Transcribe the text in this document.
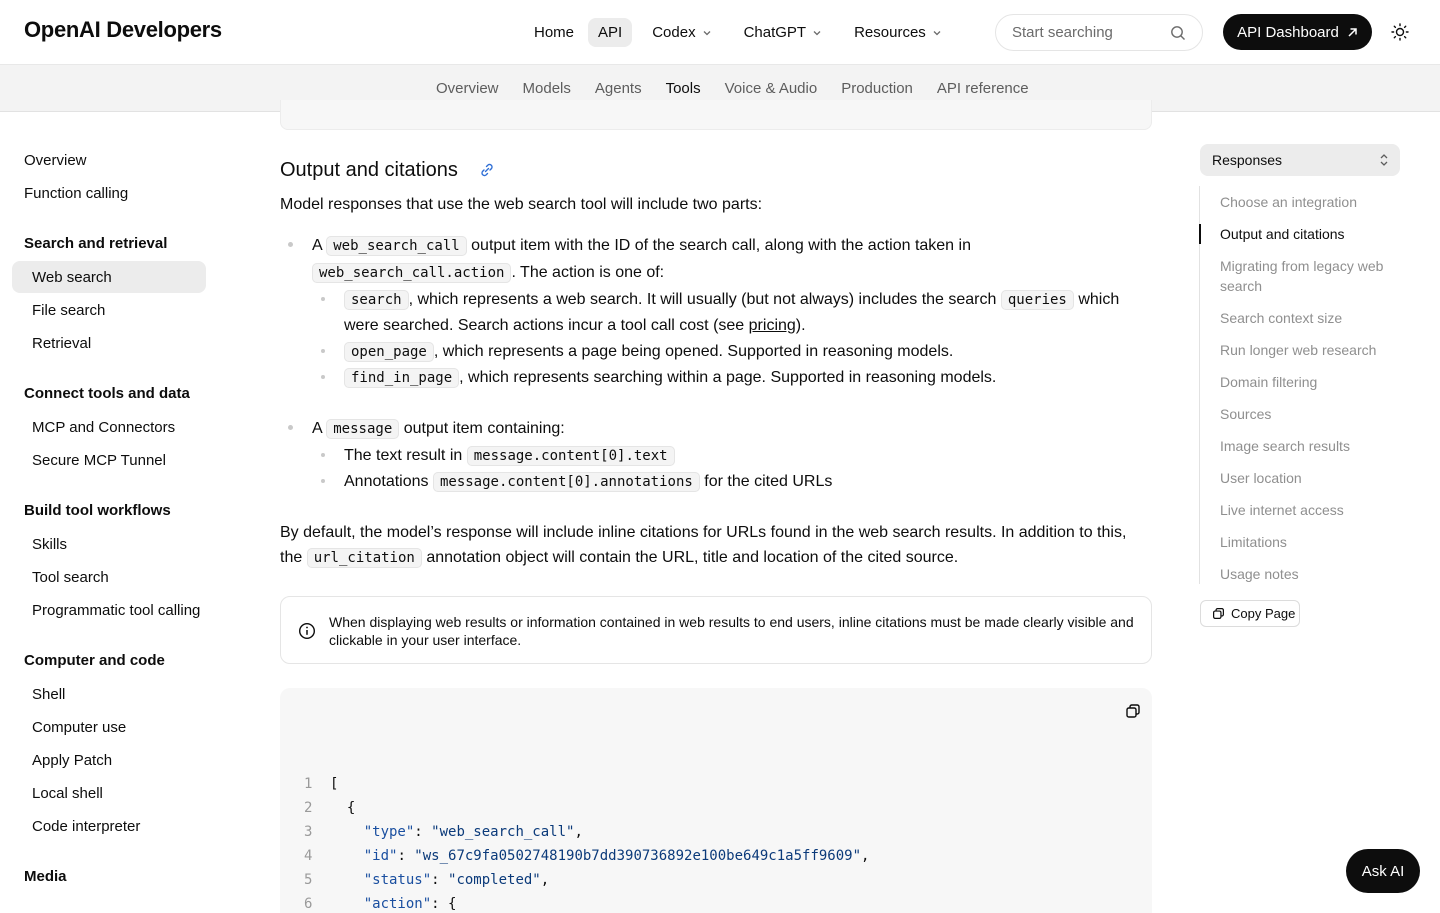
OpenAI Developers	Home API Codex	ChatGPT	Resources
Start searching	API Dashboard
Overview	Models	Agents	Tools	Voice & Audio	Production	API reference
Overview
Function calling
Search and retrieval
Web search
File search
Retrieval
Connect tools and data
MCP and Connectors
Secure MCP Tunnel
Build tool workflows
Skills
Tool search
Programmatic tool calling
Computer and code
Shell
Computer use
Apply Patch
Local shell
Code interpreter
Media
Output and citations

Model responses that use the web search tool will include two parts:

A web_search_call output item with the ID of the search call, along with the action taken in
web_search_call.action . The action is one of:
search , which represents a web search. It will usually (but not always) includes the search queries which
were searched. Search actions incur a tool call cost (see pricing).
open_page , which represents a page being opened. Supported in reasoning models.
find_in_page , which represents searching within a page. Supported in reasoning models.
A message output item containing:
The text result in message.content[0].text
Annotations message.content[0].annotations for the cited URLs

By default, the model’s response will include inline citations for URLs found in the web search results. In addition to this,

the url_citation annotation object will contain the URL, title and location of the cited source.
When displaying web results or information contained in web results to end users, inline citations must be made clearly visible and clickable in your user interface.
1 [
2  {
3	"type": "web_search_call",
4	"id": "ws_67c9fa0502748190b7dd390736892e100be649c1a5ff9609",
5	"status": "completed",
6	"action": {
Responses
Choose an integration
Output and citations
Migrating from legacy web search
Search context size
Run longer web research
Domain filtering
Sources
Image search results
User location
Live internet access
Limitations
Usage notes
Copy Page
Ask AI
